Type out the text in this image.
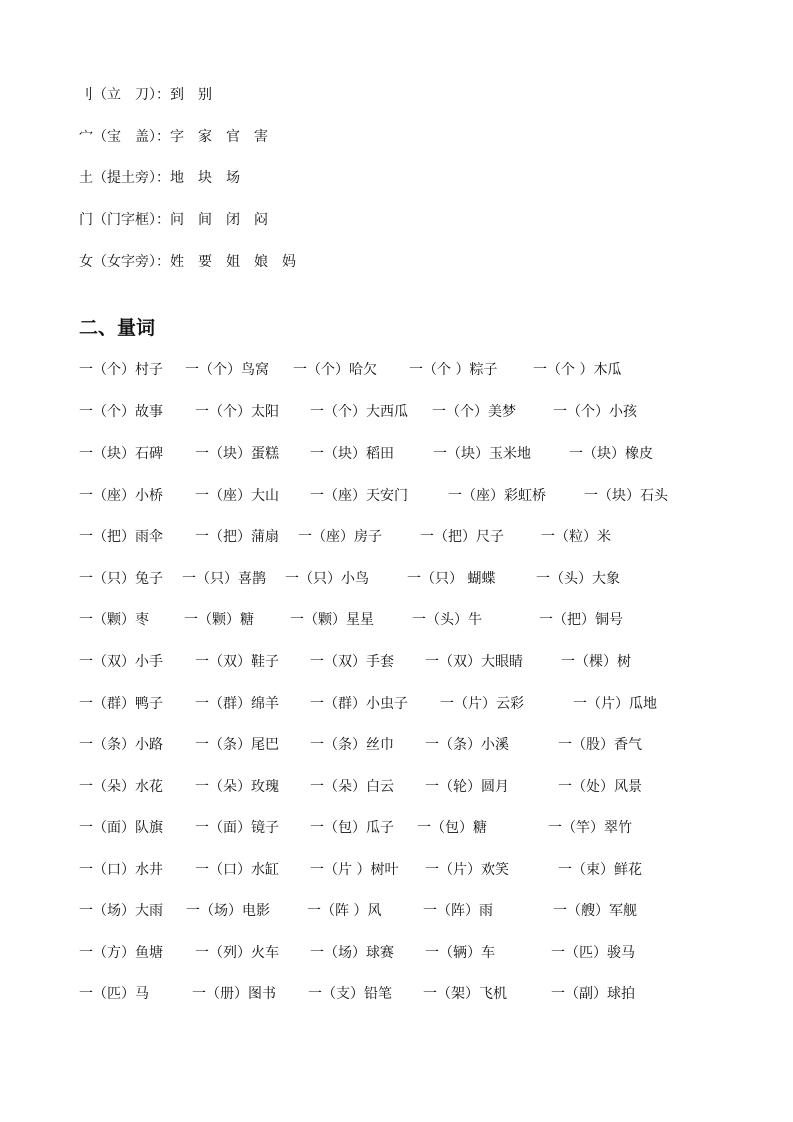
刂（立　刀）：到　别
宀（宝　盖）：字　家　官　害
土（提土旁）：地　块　场
门（门字框）：问　间　闭　闷
女（女字旁）：姓　要　姐　娘　妈
二、量词
一（个）村子 一（个）鸟窝 一（个）哈欠 一（个 ）粽子	一（个 ）木瓜
一（个）故事 一（个）太阳 一（个）大西瓜 一（个）美梦	一（个）小孩
一（块）石碑 一（块）蛋糕 一（块）稻田	一（块）玉米地	一（块）橡皮
一（座）小桥 一（座）大山 一（座）天安门	一（座）彩虹桥	一（块）石头
一（把）雨伞 一（把）蒲扇 一（座）房子	一（把）尺子	一（粒）米
一（只）兔子 一（只）喜鹊 一（只）小鸟	一（只） 蝴蝶	一（头）大象
一（颗）枣	一（颗）糖	一（颗）星星	一（头）牛	一（把）铜号
一（双）小手 一（双）鞋子 一（双）手套 一（双）大眼睛	一（棵）树
一（群）鸭子 一（群）绵羊 一（群）小虫子 一（片）云彩	一（片）瓜地
一（条）小路 一（条）尾巴 一（条）丝巾 一（条）小溪	一（股）香气
一（朵）水花 一（朵）玫瑰 一（朵）白云 一（轮）圆月	一（处）风景
一（面）队旗 一（面）镜子 一（包）瓜子 一（包）糖	一（竿）翠竹
一（口）水井 一（口）水缸 一（片 ）树叶 一（片）欢笑	一（束）鲜花
一（场）大雨 一（场）电影	一（阵 ）风	一（阵）雨	一（艘）军舰
一（方）鱼塘 一（列）火车 一（场）球赛 一（辆）车	一（匹）骏马
一（匹）马	一（册）图书 一（支）铅笔 一（架）飞机	一（副）球拍
